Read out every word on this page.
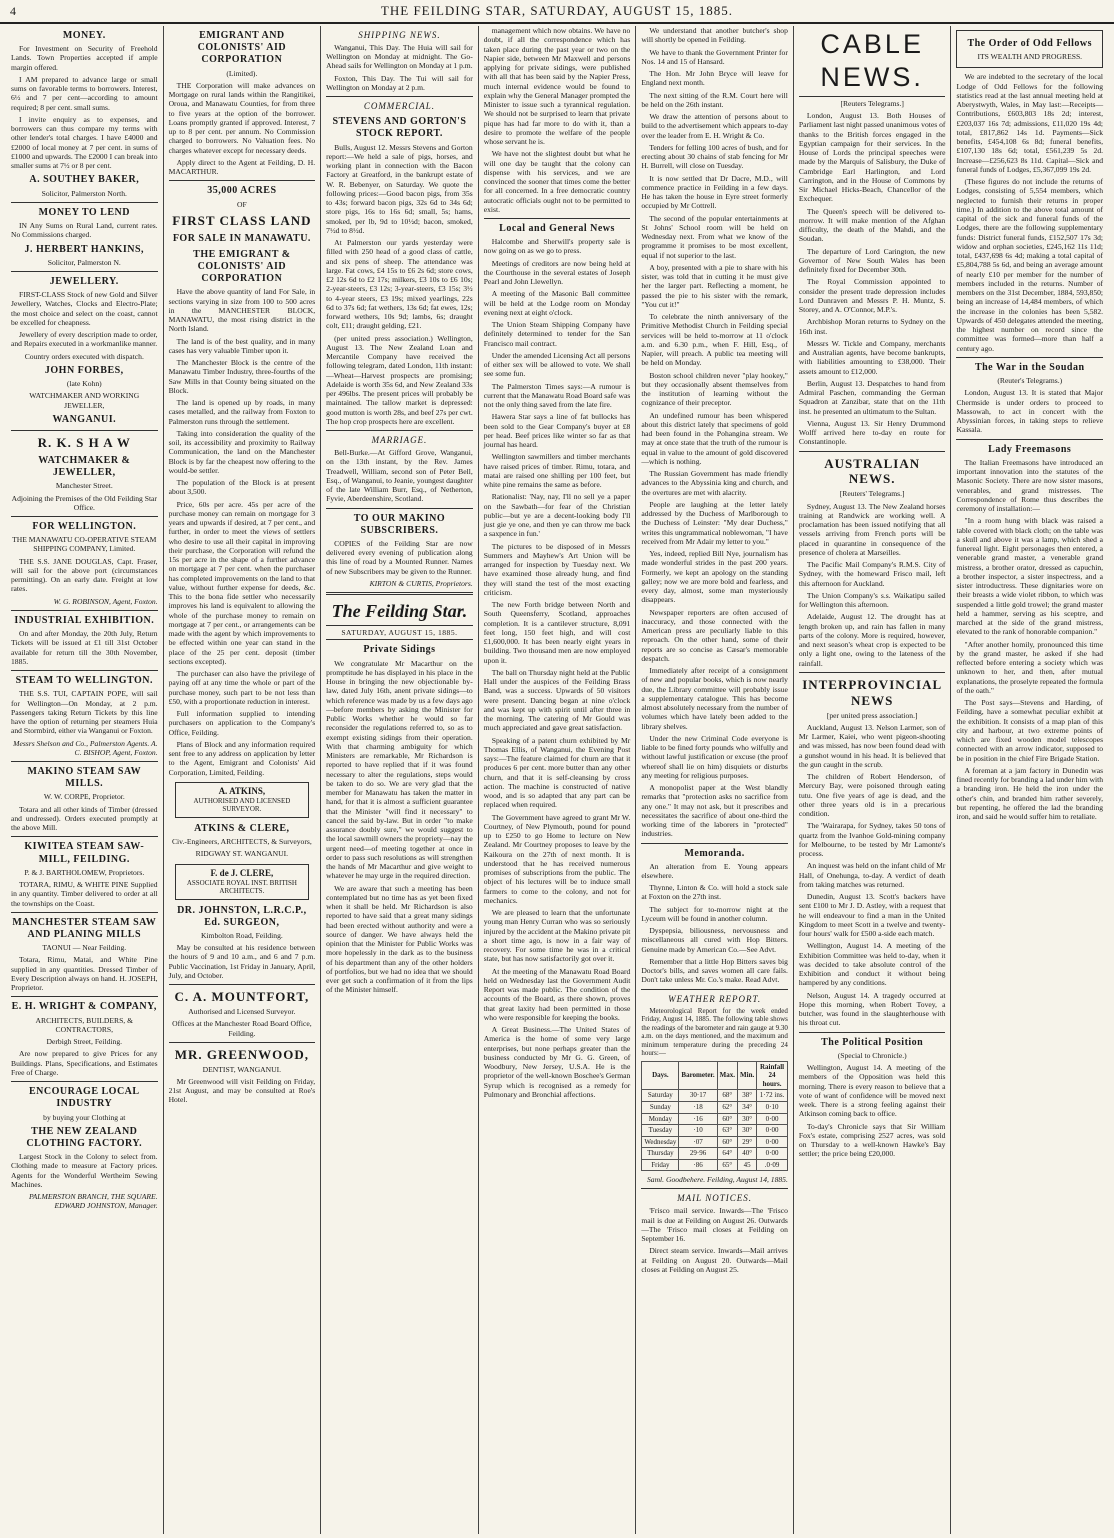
4	THE FEILDING STAR, SATURDAY, AUGUST 15, 1885.
MONEY.

For Investment on Security of Freehold Lands. Town Properties accepted if ample margin offered.

I AM prepared to advance large or small sums on favorable terms to borrowers. Interest, 6½ and 7 per cent—according to amount required; 8 per cent. small sums.

I invite enquiry as to expenses, and borrowers can thus compare my terms with other lender's total charges. I have £4000 and £2000 of local money at 7 per cent. in sums of £1000 and upwards. The £2000 I can break into smaller sums at 7½ or 8 per cent.

A. SOUTHEY BAKER,

Solicitor, Palmerston North.

MONEY TO LEND

IN Any Sums on Rural Land, current rates. No Commissions charged.

J. HERBERT HANKINS,

Solicitor, Palmerston N.

JEWELLERY.

FIRST-CLASS Stock of new Gold and Silver Jewellery, Watches, Clocks and Electro-Plate; the most choice and select on the coast, cannot be excelled for cheapness.

Jewellery of every description made to order, and Repairs executed in a workmanlike manner.

Country orders executed with dispatch.

JOHN FORBES,

(late Kohn)

WATCHMAKER AND WORKING JEWELLER,

WANGANUI.
R. K. S H A W
WATCHMAKER & JEWELLER,

Manchester Street.

Adjoining the Premises of the Old Feilding Star Office.

FOR WELLINGTON.

THE MANAWATU CO-OPERATIVE STEAM SHIPPING COMPANY, Limited.

THE S.S. JANE DOUGLAS, Capt. Fraser, will sail for the above port (circumstances permitting). On an early date. Freight at low rates.

W. G. ROBINSON, Agent, Foxton.

INDUSTRIAL EXHIBITION.

On and after Monday, the 20th July, Return Tickets will be issued at £1 till 31st October available for return till the 30th November, 1885.

STEAM TO WELLINGTON.

THE S.S. TUI, CAPTAIN POPE, will sail for Wellington—On Monday, at 2 p.m. Passengers taking Return Tickets by this line have the option of returning per steamers Huia and Stormbird, either via Wanganui or Foxton.

Messrs Shelson and Co., Palmerston Agents. A. C. BISHOP, Agent, Foxton.

MAKINO STEAM SAW MILLS.

W. W. CORPE, Proprietor.

Totara and all other kinds of Timber (dressed and undressed). Orders executed promptly at the above Mill.

KIWITEA STEAM SAW-MILL, FEILDING.

P. & J. BARTHOLOMEW, Proprietors.

TOTARA, RIMU, & WHITE PINE Supplied in any quantity. Timber delivered to order at all the townships on the Coast.

MANCHESTER STEAM SAW AND PLANING MILLS

TAONUI — Near Feilding.

Totara, Rimu, Matai, and White Pine supplied in any quantities. Dressed Timber of Every Description always on hand. H. JOSEPH, Proprietor.

E. H. WRIGHT & COMPANY,

ARCHITECTS, BUILDERS, & CONTRACTORS,

Derbigh Street, Feilding.

Are now prepared to give Prices for any Buildings. Plans, Specifications, and Estimates Free of Charge.

ENCOURAGE LOCAL INDUSTRY

by buying your Clothing at

THE NEW ZEALAND CLOTHING FACTORY.

Largest Stock in the Colony to select from. Clothing made to measure at Factory prices. Agents for the Wonderful Wertheim Sewing Machines.

PALMERSTON BRANCH, THE SQUARE. EDWARD JOHNSTON, Manager.

EMIGRANT AND COLONISTS' AID CORPORATION

(Limited).

THE Corporation will make advances on Mortgage on rural lands within the Rangitikei, Oroua, and Manawatu Counties, for from three to five years at the option of the borrower. Loans promptly granted if approved. Interest, 7 up to 8 per cent. per annum. No Commission charged to borrowers. No Valuation fees. No charges whatever except for necessary deeds.

Apply direct to the Agent at Feilding, D. H. MACARTHUR.

35,000 ACRES

OF

FIRST CLASS LAND
FOR SALE IN MANAWATU.
THE EMIGRANT & COLONISTS' AID CORPORATION

Have the above quantity of land For Sale, in sections varying in size from 100 to 500 acres in the MANCHESTER BLOCK, MANAWATU, the most rising district in the North Island.

The land is of the best quality, and in many cases has very valuable Timber upon it.

The Manchester Block is the centre of the Manawatu Timber Industry, three-fourths of the Saw Mills in that County being situated on the Block.

The land is opened up by roads, in many cases metalled, and the railway from Foxton to Palmerston runs through the settlement.

Taking into consideration the quality of the soil, its accessibility and proximity to Railway Communication, the land on the Manchester Block is by far the cheapest now offering to the would-be settler.

The population of the Block is at present about 3,500.

Price, 60s per acre. 45s per acre of the purchase money can remain on mortgage for 3 years and upwards if desired, at 7 per cent., and further, in order to meet the views of settlers who desire to use all their capital in improving their purchase, the Corporation will refund the 15s per acre in the shape of a further advance on mortgage at 7 per cent. when the purchaser has completed improvements on the land to that value, without further expense for deeds, &c. This to the bona fide settler who necessarily improves his land is equivalent to allowing the whole of the purchase money to remain on mortgage at 7 per cent., or arrangements can be made with the agent by which improvements to be effected within one year can stand in the place of the 25 per cent. deposit (timber sections excepted).

The purchaser can also have the privilege of paying off at any time the whole or part of the purchase money, such part to be not less than £50, with a proportionate reduction in interest.

Full information supplied to intending purchasers on application to the Company's Office, Feilding.

Plans of Block and any information required sent free to any address on application by letter to the Agent, Emigrant and Colonists' Aid Corporation, Limited, Feilding.

A. ATKINS,
AUTHORISED AND LICENSED SURVEYOR.
ATKINS & CLERE,

Civ.-Engineers, ARCHITECTS, & Surveyors,

RIDGWAY ST. WANGANUI.

F. de J. CLERE,
ASSOCIATE ROYAL INST. BRITISH ARCHITECTS.
DR. JOHNSTON, L.R.C.P., Ed. SURGEON,

Kimbolton Road, Feilding.

May be consulted at his residence between the hours of 9 and 10 a.m., and 6 and 7 p.m. Public Vaccination, 1st Friday in January, April, July, and October.

C. A. MOUNTFORT,

Authorised and Licensed Surveyor.

Offices at the Manchester Road Board Office, Feilding.

MR. GREENWOOD,

DENTIST, WANGANUI.

Mr Greenwood will visit Feilding on Friday, 21st August, and may be consulted at Roe's Hotel.

SHIPPING NEWS.

Wanganui, This Day. The Huia will sail for Wellington on Monday at midnight. The Go-Ahead sails for Wellington on Monday at 1 p.m.

Foxton, This Day. The Tui will sail for Wellington on Monday at 2 p.m.

COMMERCIAL.
STEVENS AND GORTON'S STOCK REPORT.

Bulls, August 12. Messrs Stevens and Gorton report:—We held a sale of pigs, horses, and working plant in connection with the Bacon Factory at Greatford, in the bankrupt estate of W. R. Bebenyer, on Saturday. We quote the following prices:—Good bacon pigs, from 35s to 43s; forward bacon pigs, 32s 6d to 34s 6d; store pigs, 16s to 16s 6d; small, 5s; hams, smoked, per lb, 9d to 10½d; bacon, smoked, 7½d to 8½d.

At Palmerston our yards yesterday were filled with 250 head of a good class of cattle, and six pens of sheep. The attendance was large. Fat cows, £4 15s to £6 2s 6d; store cows, £2 12s 6d to £2 17s; milkers, £3 10s to £6 10s; 2-year-steers, £3 12s; 3-year-steers, £3 15s; 3½ to 4-year steers, £3 19s; mixed yearlings, 22s 6d to 37s 6d; fat wethers, 13s 6d; fat ewes, 12s; forward wethers, 10s 9d; lambs, 6s; draught colt, £11; draught gelding, £21.

(per united press association.) Wellington, August 13. The New Zealand Loan and Mercantile Company have received the following telegram, dated London, 11th instant:—Wheat—Harvest prospects are promising; Adelaide is worth 35s 6d, and New Zealand 33s per 496lbs. The present prices will probably be maintained. The tallow market is depressed: good mutton is worth 28s, and beef 27s per cwt. The hop crop prospects here are excellent.

MARRIAGE.

Bell-Burke.—At Gifford Grove, Wanganui, on the 13th instant, by the Rev. James Treadwell, William, second son of Peter Bell, Esq., of Wanganui, to Jeanie, youngest daughter of the late William Burr, Esq., of Netherton, Fyvie, Aberdeenshire, Scotland.

TO OUR MAKINO SUBSCRIBERS.

COPIES of the Feilding Star are now delivered every evening of publication along this line of road by a Mounted Runner. Names of new Subscribers may be given to the Runner.

KIRTON & CURTIS, Proprietors.

The Feilding Star.
SATURDAY, AUGUST 15, 1885.
Private Sidings

We congratulate Mr Macarthur on the promptitude he has displayed in his place in the House in bringing the new objectionable by-law, dated July 16th, anent private sidings—to which reference was made by us a few days ago—before members by asking the Minister for Public Works whether he would so far reconsider the regulations referred to, so as to exempt existing sidings from their operation. With that charming ambiguity for which Ministers are remarkable, Mr Richardson is reported to have replied that if it was found necessary to alter the regulations, steps would be taken to do so. We are very glad that the member for Manawatu has taken the matter in hand, for that it is almost a sufficient guarantee that the Minister "will find it necessary" to cancel the said by-law. But in order "to make assurance doubly sure," we would suggest to the local sawmill owners the propriety—nay the urgent need—of meeting together at once in order to pass such resolutions as will strengthen the hands of Mr Macarthur and give weight to whatever he may urge in the required direction.

We are aware that such a meeting has been contemplated but no time has as yet been fixed when it shall be held. Mr Richardson is also reported to have said that a great many sidings had been erected without authority and were a source of danger. We have always held the opinion that the Minister for Public Works was more hopelessly in the dark as to the business of his department than any of the other holders of portfolios, but we had no idea that we should ever get such a confirmation of it from the lips of the Minister himself.

management which now obtains. We have no doubt, if all the correspondence which has taken place during the past year or two on the Napier side, between Mr Maxwell and persons applying for private sidings, were published with all that has been said by the Napier Press, much internal evidence would be found to explain why the General Manager prompted the Minister to issue such a tyrannical regulation. We should not be surprised to learn that private pique has had far more to do with it, than a desire to promote the welfare of the people whose servant he is.

We have not the slightest doubt but what he will one day be taught that the colony can dispense with his services, and we are convinced the sooner that times come the better for all concerned. In a free democratic country autocratic officials ought not to be permitted to exist.

Local and General News

Halcombe and Sherwill's property sale is now going on as we go to press.

Meetings of creditors are now being held at the Courthouse in the several estates of Joseph Pearl and John Llewellyn.

A meeting of the Masonic Ball committee will be held at the Lodge room on Monday evening next at eight o'clock.

The Union Steam Shipping Company have definitely determined to tender for the San Francisco mail contract.

Under the amended Licensing Act all persons of either sex will be allowed to vote. We shall see some fun.

The Palmerston Times says:—A rumour is current that the Manawatu Road Board safe was not the only thing saved from the late fire.

Hawera Star says a line of fat bullocks has been sold to the Gear Company's buyer at £8 per head. Beef prices like winter so far as that journal has heard.

Wellington sawmillers and timber merchants have raised prices of timber. Rimu, totara, and matai are raised one shilling per 100 feet, but white pine remains the same as before.

Rationalist: 'Nay, nay, I'll no sell ye a paper on the Sawbath—for fear of the Christian public—but ye are a decent-looking body I'll just gie ye one, and then ye can throw me back a saxpence in fun.'

The pictures to be disposed of in Messrs Summers and Mayhew's Art Union will be arranged for inspection by Tuesday next. We have examined those already hung, and find they will stand the test of the most exacting criticism.

The new Forth bridge between North and South Queensferry, Scotland, approaches completion. It is a cantilever structure, 8,091 feet long, 150 feet high, and will cost £1,600,000. It has been nearly eight years in building. Two thousand men are now employed upon it.

The ball on Thursday night held at the Public Hall under the auspices of the Feilding Brass Band, was a success. Upwards of 50 visitors were present. Dancing began at nine o'clock and was kept up with spirit until after three in the morning. The catering of Mr Gould was much appreciated and gave great satisfaction.

Speaking of a patent churn exhibited by Mr Thomas Ellis, of Wanganui, the Evening Post says:—The feature claimed for churn are that it produces 6 per cent. more butter than any other churn, and that it is self-cleansing by cross action. The machine is constructed of native wood, and is so adapted that any part can be replaced when required.

The Government have agreed to grant Mr W. Courtney, of New Plymouth, pound for pound up to £250 to go Home to lecture on New Zealand. Mr Courtney proposes to leave by the Kaikoura on the 27th of next month. It is understood that he has received numerous promises of subscriptions from the public. The object of his lectures will be to induce small farmers to come to the colony, and not for mechanics.

We are pleased to learn that the unfortunate young man Henry Curran who was so seriously injured by the accident at the Makino private pit a short time ago, is now in a fair way of recovery. For some time he was in a critical state, but has now satisfactorily got over it.

At the meeting of the Manawatu Road Board held on Wednesday last the Government Audit Report was made public. The condition of the accounts of the Board, as there shown, proves that great laxity had been permitted in those who were responsible for keeping the books.

A Great Business.—The United States of America is the home of some very large enterprises, but none perhaps greater than the business conducted by Mr G. G. Green, of Woodbury, New Jersey, U.S.A. He is the proprietor of the well-known Boschee's German Syrup which is recognised as a remedy for Pulmonary and Bronchial affections.

We understand that another butcher's shop will shortly be opened in Feilding.

We have to thank the Government Printer for Nos. 14 and 15 of Hansard.

The Hon. Mr John Bryce will leave for England next month.

The next sitting of the R.M. Court here will be held on the 26th instant.

We draw the attention of persons about to build to the advertisement which appears to-day over the leader from E. H. Wright & Co.

Tenders for felling 100 acres of bush, and for erecting about 30 chains of stab fencing for Mr H. Burrell, will close on Tuesday.

It is now settled that Dr Dacre, M.D., will commence practice in Feilding in a few days. He has taken the house in Eyre street formerly occupied by Mr Cottrell.

The second of the popular entertainments at St Johns' School room will be held on Wednesday next. From what we know of the programme it promises to be most excellent, equal if not superior to the last.

A boy, presented with a pie to share with his sister, was told that in cutting it he must give her the larger part. Reflecting a moment, he passed the pie to his sister with the remark, "You cut it!"

To celebrate the ninth anniversary of the Primitive Methodist Church in Feilding special services will be held to-morrow at 11 o'clock a.m. and 6.30 p.m., when F. Hill, Esq., of Napier, will preach. A public tea meeting will be held on Monday.

Boston school children never "play hookey," but they occasionally absent themselves from the institution of learning without the cognizance of their preceptor.

An undefined rumour has been whispered about this district lately that specimens of gold had been found in the Pohangina stream. We may at once state that the truth of the rumour is equal in value to the amount of gold discovered—which is nothing.

The Russian Government has made friendly advances to the Abyssinia king and church, and the overtures are met with alacrity.

People are laughing at the letter lately addressed by the Duchess of Marlborough to the Duchess of Leinster: "My dear Duchess," writes this ungrammatical noblewoman, "I have received from Mr Adair my letter to you."

Yes, indeed, replied Bill Nye, journalism has made wonderful strides in the past 200 years. Formerly, we kept an apology on the standing galley; now we are more bold and fearless, and every day, almost, some man mysteriously disappears.

Newspaper reporters are often accused of inaccuracy, and those connected with the American press are peculiarly liable to this reproach. On the other hand, some of their reports are so concise as Cæsar's memorable despatch.

Immediately after receipt of a consignment of new and popular books, which is now nearly due, the Library committee will probably issue a supplementary catalogue. This has become almost absolutely necessary from the number of volumes which have lately been added to the library shelves.

Under the new Criminal Code everyone is liable to be fined forty pounds who wilfully and without lawful justification or excuse (the proof whereof shall lie on him) disquiets or disturbs any meeting for religious purposes.

A monopolist paper at the West blandly remarks that "protection asks no sacrifice from any one." It may not ask, but it prescribes and necessitates the sacrifice of about one-third the working time of the laborers in "protected" industries.

Memoranda.

An alteration from E. Young appears elsewhere.

Thynne, Linton & Co. will hold a stock sale at Foxton on the 27th inst.

The subject for to-morrow night at the Lyceum will be found in another column.

Dyspepsia, biliousness, nervousness and miscellaneous all cured with Hop Bitters. Genuine made by American Co.—See Advt.

Remember that a little Hop Bitters saves big Doctor's bills, and saves women all care fails. Don't take unless Mr. Co.'s make. Read Advt.

WEATHER REPORT.

Meteorological Report for the week ended Friday, August 14, 1885. The following table shows the readings of the barometer and rain gauge at 9.30 a.m. on the days mentioned, and the maximum and minimum temperature during the preceding 24 hours:—

Days.	Barometer.	Max.	Min.	Rainfall 24 hours.
Saturday	30·17	68°	38°	1·72 ins.
Sunday	·18	62°	34°	0·10
Monday	·16	60°	30°	0·00
Tuesday	·10	63°	30°	0·00
Wednesday	·07	60°	29°	0·00
Thursday	29·96	64°	40°	0·00
Friday	·86	65°	45	.0·09

Saml. Goodbehere. Feilding, August 14, 1885.

MAIL NOTICES.

'Frisco mail service. Inwards—The 'Frisco mail is due at Feilding on August 26. Outwards—The 'Frisco mail closes at Feilding on September 16.

Direct steam service. Inwards—Mail arrives at Feilding on August 20. Outwards—Mail closes at Feilding on August 25.

CABLE NEWS.

[Reuters Telegrams.]

London, August 13. Both Houses of Parliament last night passed unanimous votes of thanks to the British forces engaged in the Egyptian campaign for their services. In the House of Lords the principal speeches were made by the Marquis of Salisbury, the Duke of Cambridge Earl Harlington, and Lord Carrington, and in the House of Commons by Sir Michael Hicks-Beach, Chancellor of the Exchequer.

The Queen's speech will be delivered to-morrow. It will make mention of the Afghan difficulty, the death of the Mahdi, and the Soudan.

The departure of Lord Carington, the new Governor of New South Wales has been definitely fixed for December 30th.

The Royal Commission appointed to consider the present trade depression includes Lord Dunraven and Messrs P. H. Muntz, S. Storey, and A. O'Connor, M.P.'s.

Archbishop Moran returns to Sydney on the 16th inst.

Messrs W. Tickle and Company, merchants and Australian agents, have become bankrupts, with liabilities amounting to £38,000. Their assets amount to £12,000.

Berlin, August 13. Despatches to hand from Admiral Paschen, commanding the German Squadron at Zanzibar, state that on the 11th inst. he presented an ultimatum to the Sultan.

Vienna, August 13. Sir Henry Drummond Wolff arrived here to-day en route for Constantinople.

AUSTRALIAN NEWS.

[Reuters' Telegrams.]

Sydney, August 13. The New Zealand horses training at Randwick are working well. A proclamation has been issued notifying that all vessels arriving from French ports will be placed in quarantine in consequence of the presence of cholera at Marseilles.

The Pacific Mail Company's R.M.S. City of Sydney, with the homeward Frisco mail, left this afternoon for Auckland.

The Union Company's s.s. Waikatipu sailed for Wellington this afternoon.

Adelaide, August 12. The drought has at length broken up, and rain has fallen in many parts of the colony. More is required, however, and next season's wheat crop is expected to be only a light one, owing to the lateness of the rainfall.

INTERPROVINCIAL NEWS

[per united press association.]

Auckland, August 13. Nelson Larmer, son of Mr Larmer, Kaiei, who went pigeon-shooting and was missed, has now been found dead with a gunshot wound in his head. It is believed that the gun caught in the scrub.

The children of Robert Henderson, of Mercury Bay, were poisoned through eating tutu. One five years of age is dead, and the other three years old is in a precarious condition.

The 'Wairarapa, for Sydney, takes 50 tons of quartz from the Ivanhoe Gold-mining company for Melbourne, to be tested by Mr Lamonte's process.

An inquest was held on the infant child of Mr Hall, of Onehunga, to-day. A verdict of death from taking matches was returned.

Dunedin, August 13. Scott's backers have sent £100 to Mr J. D. Astley, with a request that he will endeavour to find a man in the United Kingdom to meet Scott in a twelve and twenty-four hours' walk for £500 a-side each match.

Wellington, August 14. A meeting of the Exhibition Committee was held to-day, when it was decided to take absolute control of the Exhibition and conduct it without being hampered by any conditions.

Nelson, August 14. A tragedy occurred at Hope this morning, when Robert Tovey, a butcher, was found in the slaughterhouse with his throat cut.

The Political Position

(Special to Chronicle.)

Wellington, August 14. A meeting of the members of the Opposition was held this morning. There is every reason to believe that a vote of want of confidence will be moved next week. There is a strong feeling against their Atkinson coming back to office.

To-day's Chronicle says that Sir William Fox's estate, comprising 2527 acres, was sold on Thursday to a well-known Hawke's Bay settler; the price being £20,000.

The Order of Odd Fellows

ITS WEALTH AND PROGRESS.

We are indebted to the secretary of the local Lodge of Odd Fellows for the following statistics read at the last annual meeting held at Aberystwyth, Wales, in May last:—Receipts—Contributions, £603,803 18s 2d; interest, £203,037 16s 7d; admissions, £11,020 19s 4d; total, £817,862 14s 1d. Payments—Sick benefits, £454,108 6s 8d; funeral benefits, £107,130 18s 6d; total, £561,239 5s 2d. Increase—£256,623 8s 11d. Capital—Sick and funeral funds of Lodges, £5,367,099 19s 2d.

(These figures do not include the returns of Lodges, consisting of 5,554 members, which neglected to furnish their returns in proper time.) In addition to the above total amount of capital of the sick and funeral funds of the Lodges, there are the following supplementary funds: District funeral funds, £152,507 17s 3d; widow and orphan societies, £245,162 11s 11d; total, £437,698 6s 4d; making a total capital of £5,804,788 5s 6d, and being an average amount of nearly £10 per member for the number of members included in the returns. Number of members on the 31st December, 1884, 593,850; being an increase of 14,484 members, of which the increase in the colonies has been 5,582. Upwards of 450 delegates attended the meeting, the highest number on record since the committee was formed—more than half a century ago.

The War in the Soudan

(Reuter's Telegrams.)

London, August 13. It is stated that Major Chermside is under orders to proceed to Massowah, to act in concert with the Abyssinian forces, in taking steps to relieve Kassala.

Lady Freemasons

The Italian Freemasons have introduced an important innovation into the statutes of the Masonic Society. There are now sister masons, venerables, and grand mistresses. The Correspondence of Rome thus describes the ceremony of installation:—

"In a room hung with black was raised a table covered with black cloth; on the table was a skull and above it was a lamp, which shed a funereal light. Eight personages then entered, a venerable grand master, a venerable grand mistress, a brother orator, dressed as capuchin, a brother inspector, a sister inspectress, and a sister introductress. These dignitaries wore on their breasts a wide violet ribbon, to which was suspended a little gold trowel; the grand master held a hammer, serving as his sceptre, and marched at the side of the grand mistress, elevated to the rank of honorable companion."

"After another homily, pronounced this time by the grand master, he asked if she had reflected before entering a society which was unknown to her, and then, after mutual explanations, the proselyte repeated the formula of the oath."

The Post says—Stevens and Harding, of Feilding, have a somewhat peculiar exhibit at the exhibition. It consists of a map plan of this city and harbour, at two extreme points of which are fixed wooden model telescopes connected with an arrow indicator, supposed to be in position in the chief Fire Brigade Station.

A foreman at a jam factory in Dunedin was fined recently for branding a lad under him with a branding iron. He held the iron under the other's chin, and branded him rather severely, but repenting, he offered the lad the branding iron, and said he would suffer him to retaliate.
